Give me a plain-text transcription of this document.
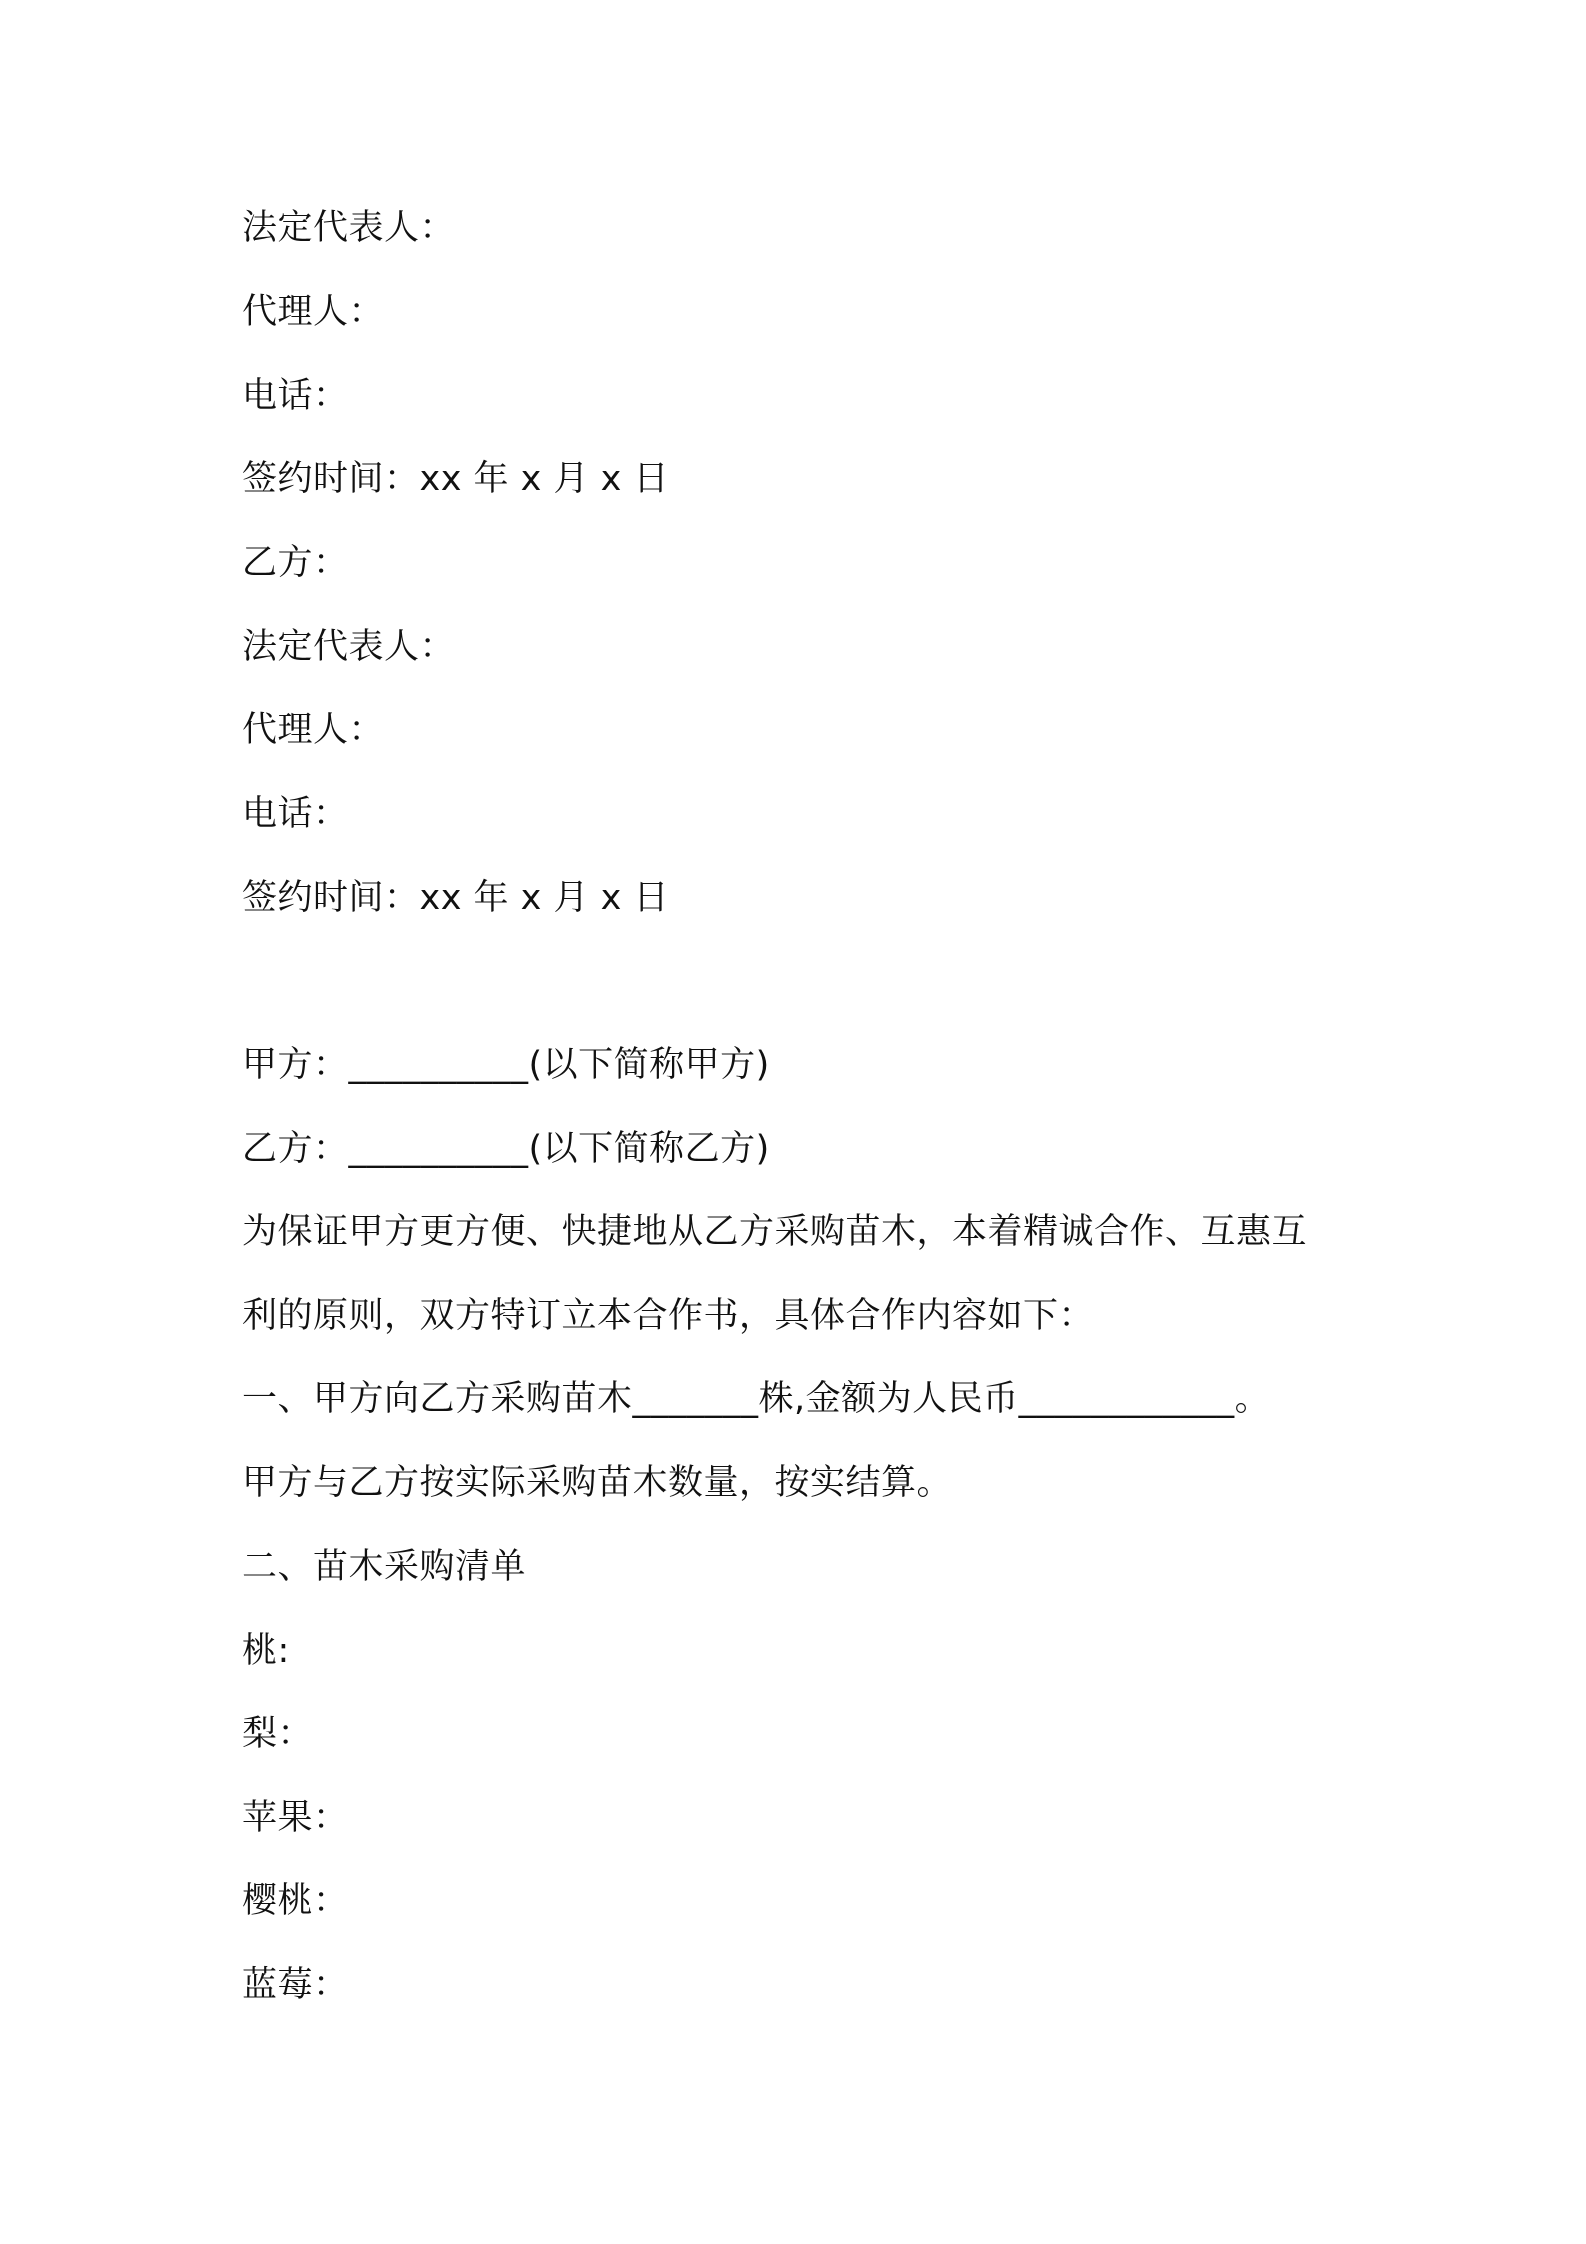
法定代表人：
代理人：
电话：
签约时间：xx 年 x 月 x 日
乙方：
法定代表人：
代理人：
电话：
签约时间：xx 年 x 月 x 日
甲方：__________(以下简称甲方)
乙方：__________(以下简称乙方)
为保证甲方更方便、快捷地从乙方采购苗木，本着精诚合作、互惠互
利的原则，双方特订立本合作书，具体合作内容如下：
一、甲方向乙方采购苗木_______株,金额为人民币____________。
甲方与乙方按实际采购苗木数量，按实结算。
二、苗木采购清单
桃:
梨：
苹果：
樱桃：
蓝莓：
